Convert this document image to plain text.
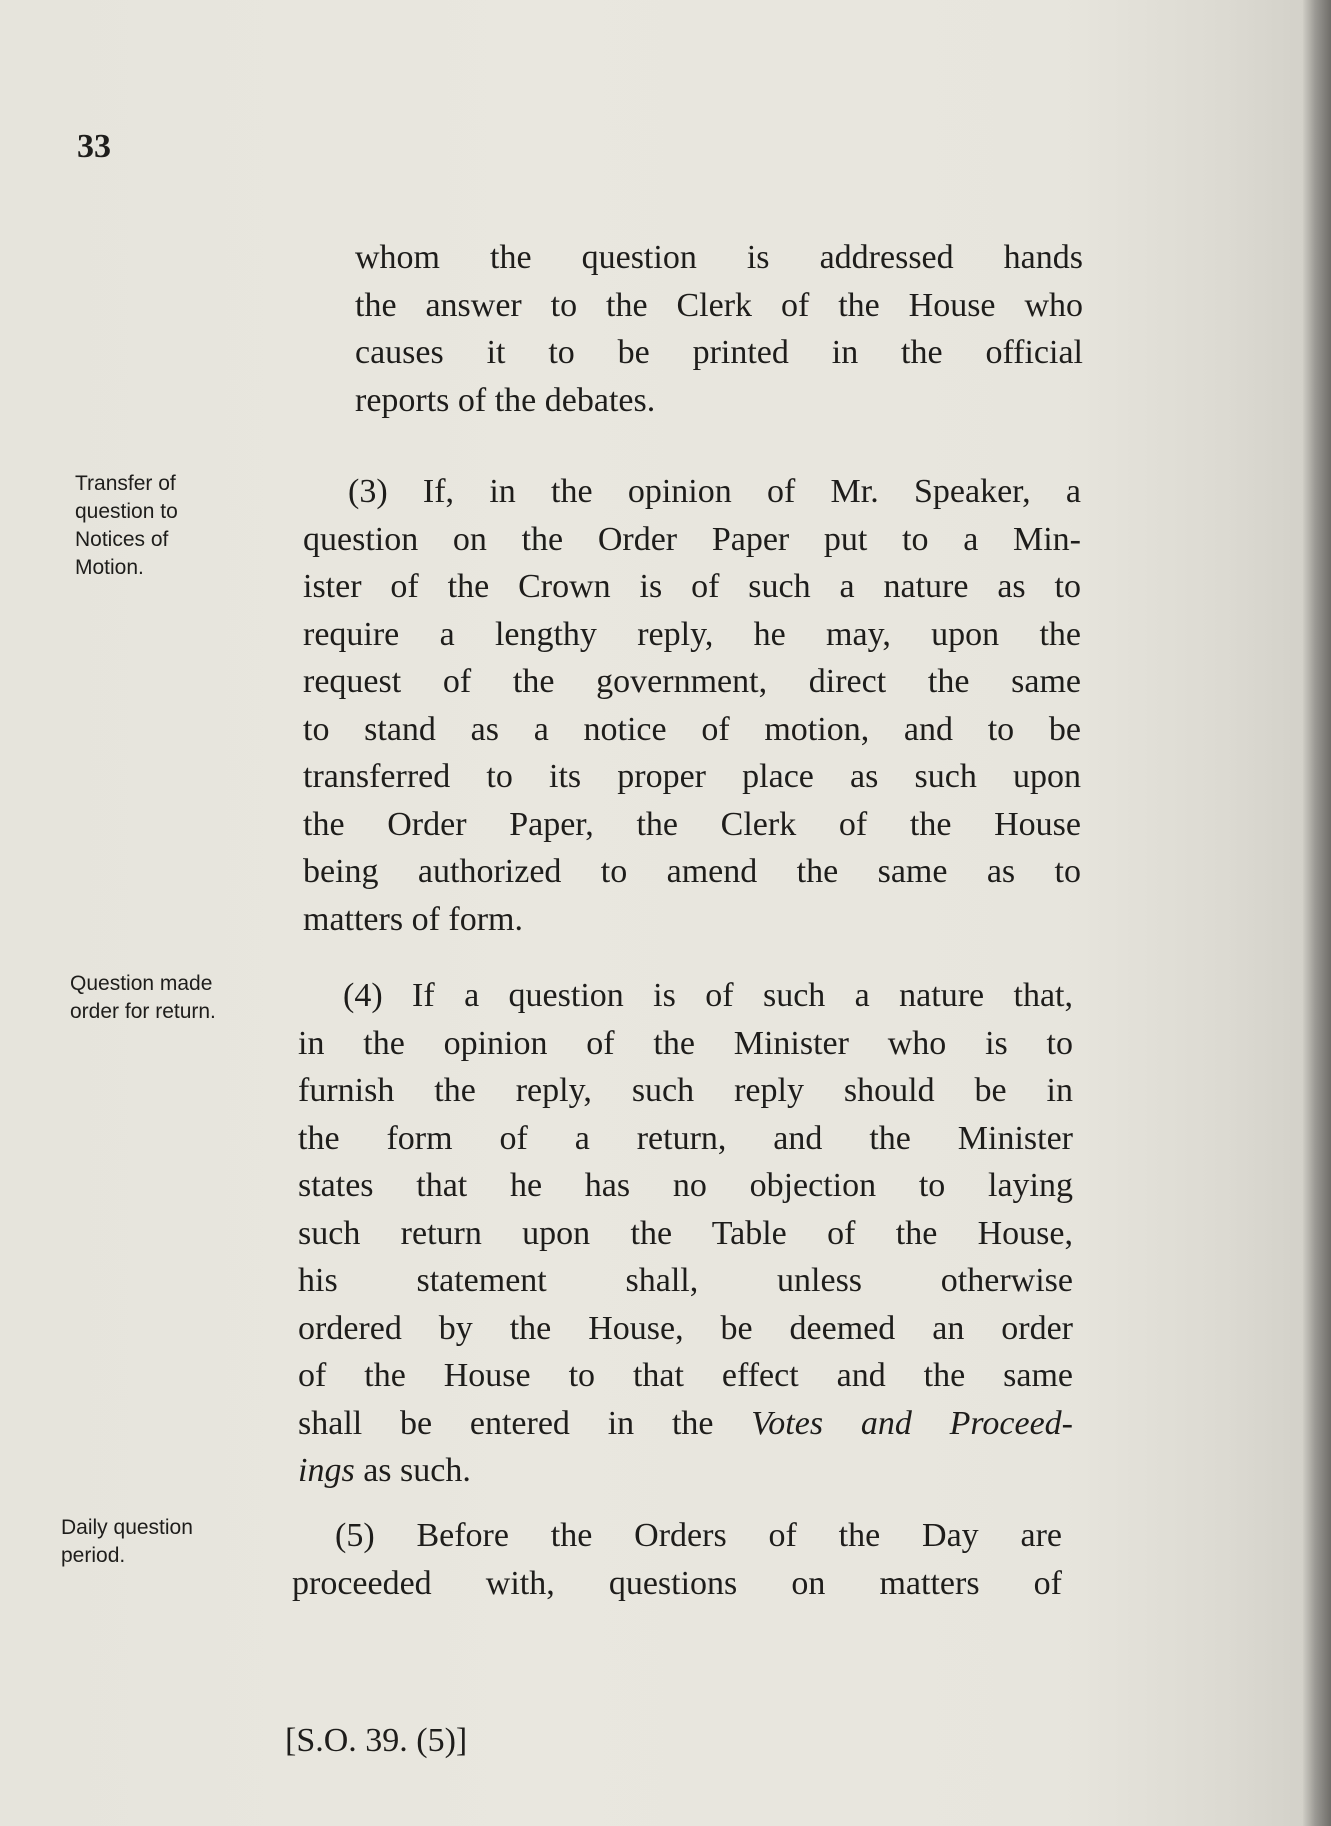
33
whom the question is addressed hands
the answer to the Clerk of the House who
causes it to be printed in the official
reports of the debates.
Transfer of
question to
Notices of
Motion.
(3) If, in the opinion of Mr. Speaker, a
question on the Order Paper put to a Min-
ister of the Crown is of such a nature as to
require a lengthy reply, he may, upon the
request of the government, direct the same
to stand as a notice of motion, and to be
transferred to its proper place as such upon
the Order Paper, the Clerk of the House
being authorized to amend the same as to
matters of form.
Question made
order for return.	(4) If a question is of such a nature that,
in the opinion of the Minister who is to
furnish the reply, such reply should be in
the form of a return, and the Minister
states that he has no objection to laying
such return upon the Table of the House,
his statement shall, unless otherwise
ordered by the House, be deemed an order
of the House to that effect and the same
shall be entered in the Votes and Proceed-
ings as such.
Daily question
period.
(5) Before the Orders of the Day are
proceeded with, questions on matters of
[S.O. 39. (5)]
